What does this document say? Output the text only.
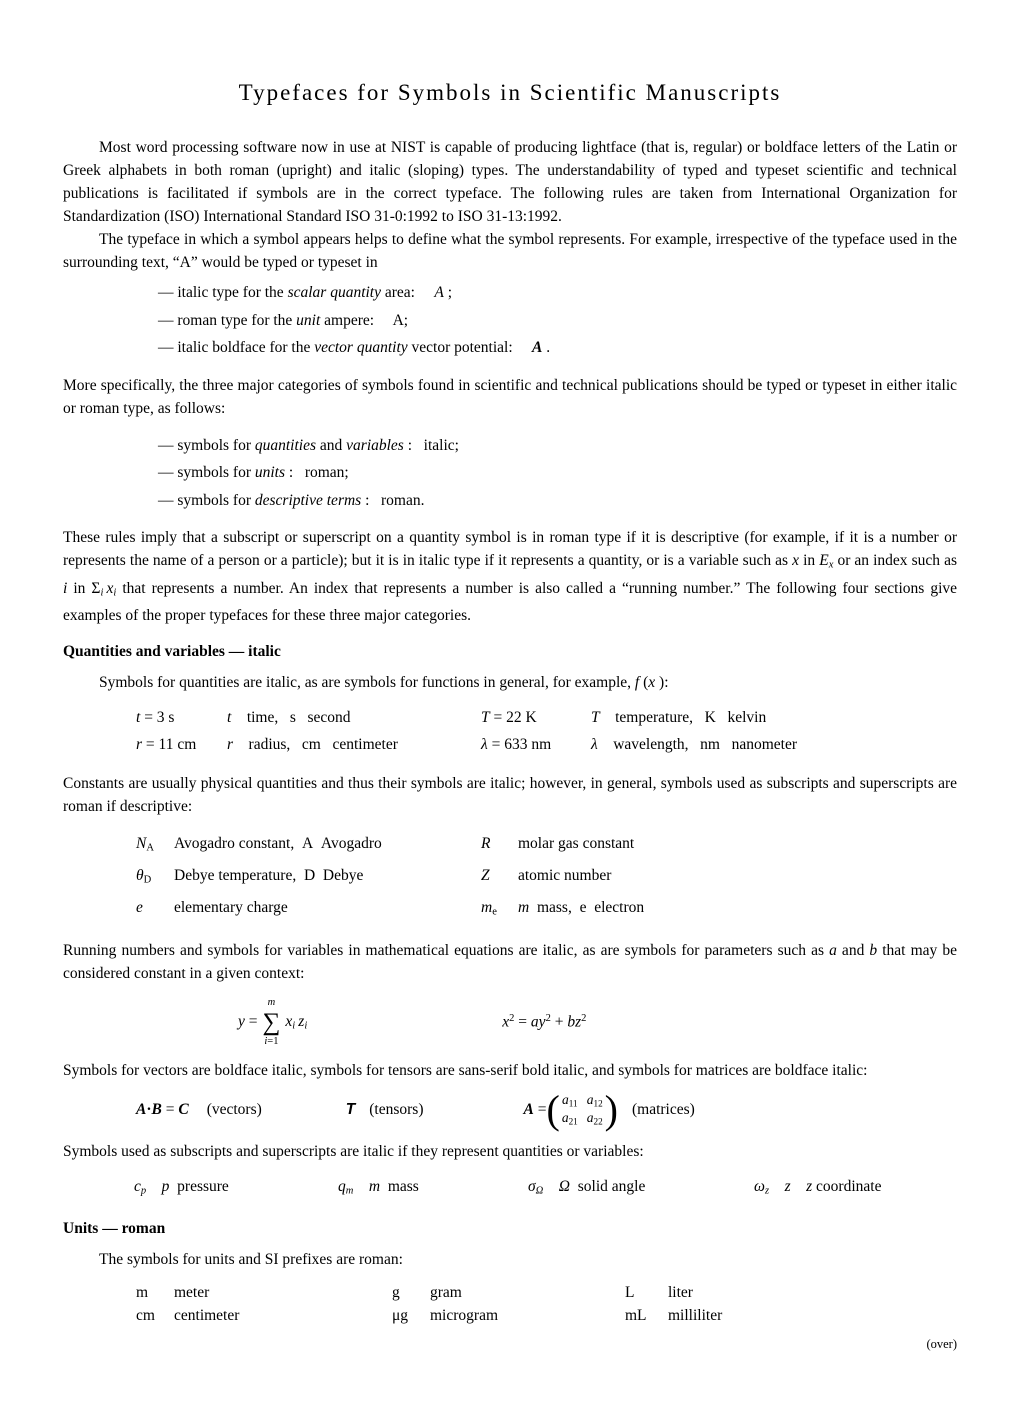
Typefaces for Symbols in Scientific Manuscripts

Most word processing software now in use at NIST is capable of producing lightface (that is, regular) or boldface letters of the Latin or Greek alphabets in both roman (upright) and italic (sloping) types. The understandability of typed and typeset scientific and technical publications is facilitated if symbols are in the correct typeface. The following rules are taken from International Organization for Standardization (ISO) International Standard ISO 31-0:1992 to ISO 31-13:1992.

The typeface in which a symbol appears helps to define what the symbol represents. For example, irrespective of the typeface used in the surrounding text, “A” would be typed or typeset in

— italic type for the scalar quantity area:  A ;
— roman type for the unit ampere:  A;
— italic boldface for the vector quantity vector potential:  A .

More specifically, the three major categories of symbols found in scientific and technical publications should be typed or typeset in either italic or roman type, as follows:

— symbols for quantities and variables :  italic;
— symbols for units :  roman;
— symbols for descriptive terms :  roman.

These rules imply that a subscript or superscript on a quantity symbol is in roman type if it is descriptive (for example, if it is a number or represents the name of a person or a particle); but it is in italic type if it represents a quantity, or is a variable such as x in Ex or an index such as i in Σi  xi that represents a number. An index that represents a number is also called a “running number.” The following four sections give examples of the proper typefaces for these three major categories.

Quantities and variables — italic

Symbols for quantities are italic, as are symbols for functions in general, for example, f (x ):

t = 3 s	t time,  s  second	T = 22 K	T temperature,  K  kelvin
r = 11 cm	r radius,  cm  centimeter	λ = 633 nm	λ wavelength,  nm  nanometer

Constants are usually physical quantities and thus their symbols are italic; however, in general, symbols used as subscripts and superscripts are roman if descriptive:

NA	Avogadro constant, A Avogadro	R	molar gas constant
θD	Debye temperature, D Debye	Z	atomic number
e	elementary charge	me	m mass, e electron

Running numbers and symbols for variables in mathematical equations are italic, as are symbols for parameters such as a and b that may be considered constant in a given context:

y =
m
∑
i=1
xi  zi	$x^2 = ay^2 + bz^2$

Symbols for vectors are boldface italic, symbols for tensors are sans-serif bold italic, and symbols for matrices are boldface italic:

A·B = C (vectors)	T (tensors)	A = ( a11 a12
a21 a22 ) (matrices)

Symbols used as subscripts and superscripts are italic if they represent quantities or variables:

cp  p pressure	qm  m mass	σΩ  Ω solid angle	ωz  z   z coordinate
Units — roman

The symbols for units and SI prefixes are roman:

m	meter	g	gram	L	liter
cm	centimeter	μg	microgram	mL	milliliter
(over)
